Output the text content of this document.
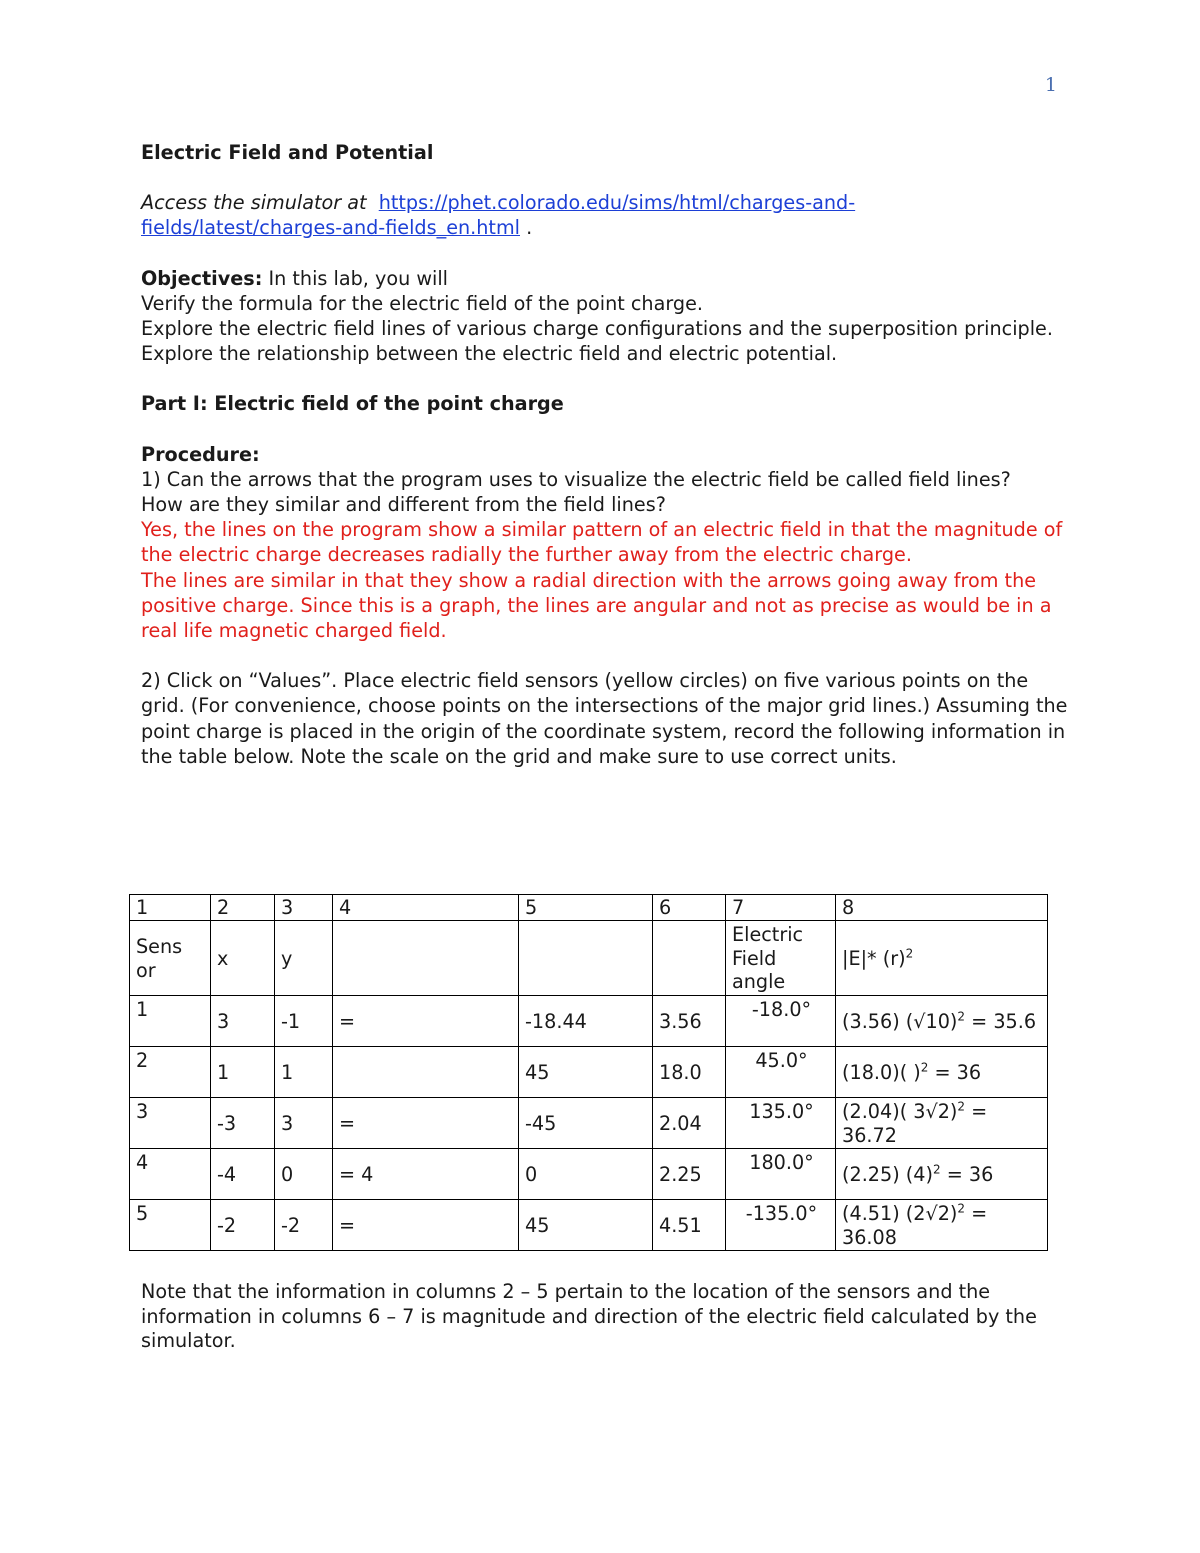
1

Electric Field and Potential

Access the simulator at https://phet.colorado.edu/sims/html/charges-and-
fields/latest/charges-and-fields_en.html .

Objectives: In this lab, you will

Verify the formula for the electric field of the point charge.

Explore the electric field lines of various charge configurations and the superposition principle.

Explore the relationship between the electric field and electric potential.

Part I: Electric field of the point charge

Procedure:

1) Can the arrows that the program uses to visualize the electric field be called field lines?

How are they similar and different from the field lines?

Yes, the lines on the program show a similar pattern of an electric field in that the magnitude of the electric charge decreases radially the further away from the electric charge.

The lines are similar in that they show a radial direction with the arrows going away from the positive charge. Since this is a graph, the lines are angular and not as precise as would be in a real life magnetic charged field.

2) Click on “Values”. Place electric field sensors (yellow circles) on five various points on the grid. (For convenience, choose points on the intersections of the major grid lines.) Assuming the point charge is placed in the origin of the coordinate system, record the following information in the table below. Note the scale on the grid and make sure to use correct units.

1	2	3	4	5	6	7	8
Sens or	x	y				Electric Field angle	|E|* $(r)^2$
1	3	-1	=	-18.44	3.56	-18.0°	(3.56) $(√10)^2 = 35.6$
2	1	1		45	18.0	45.0°	(18.0)( )$^2$ = 36
3	-3	3	=	-45	2.04	135.0°	(2.04)( 3√2)$^2$ = 36.72
4	-4	0	= 4	0	2.25	180.0°	(2.25) $(4)^2 = 36$
5	-2	-2	=	45	4.51	-135.0°	(4.51) $(2√2)^2 = 36.08$

Note that the information in columns 2 – 5 pertain to the location of the sensors and the information in columns 6 – 7 is magnitude and direction of the electric field calculated by the simulator.
